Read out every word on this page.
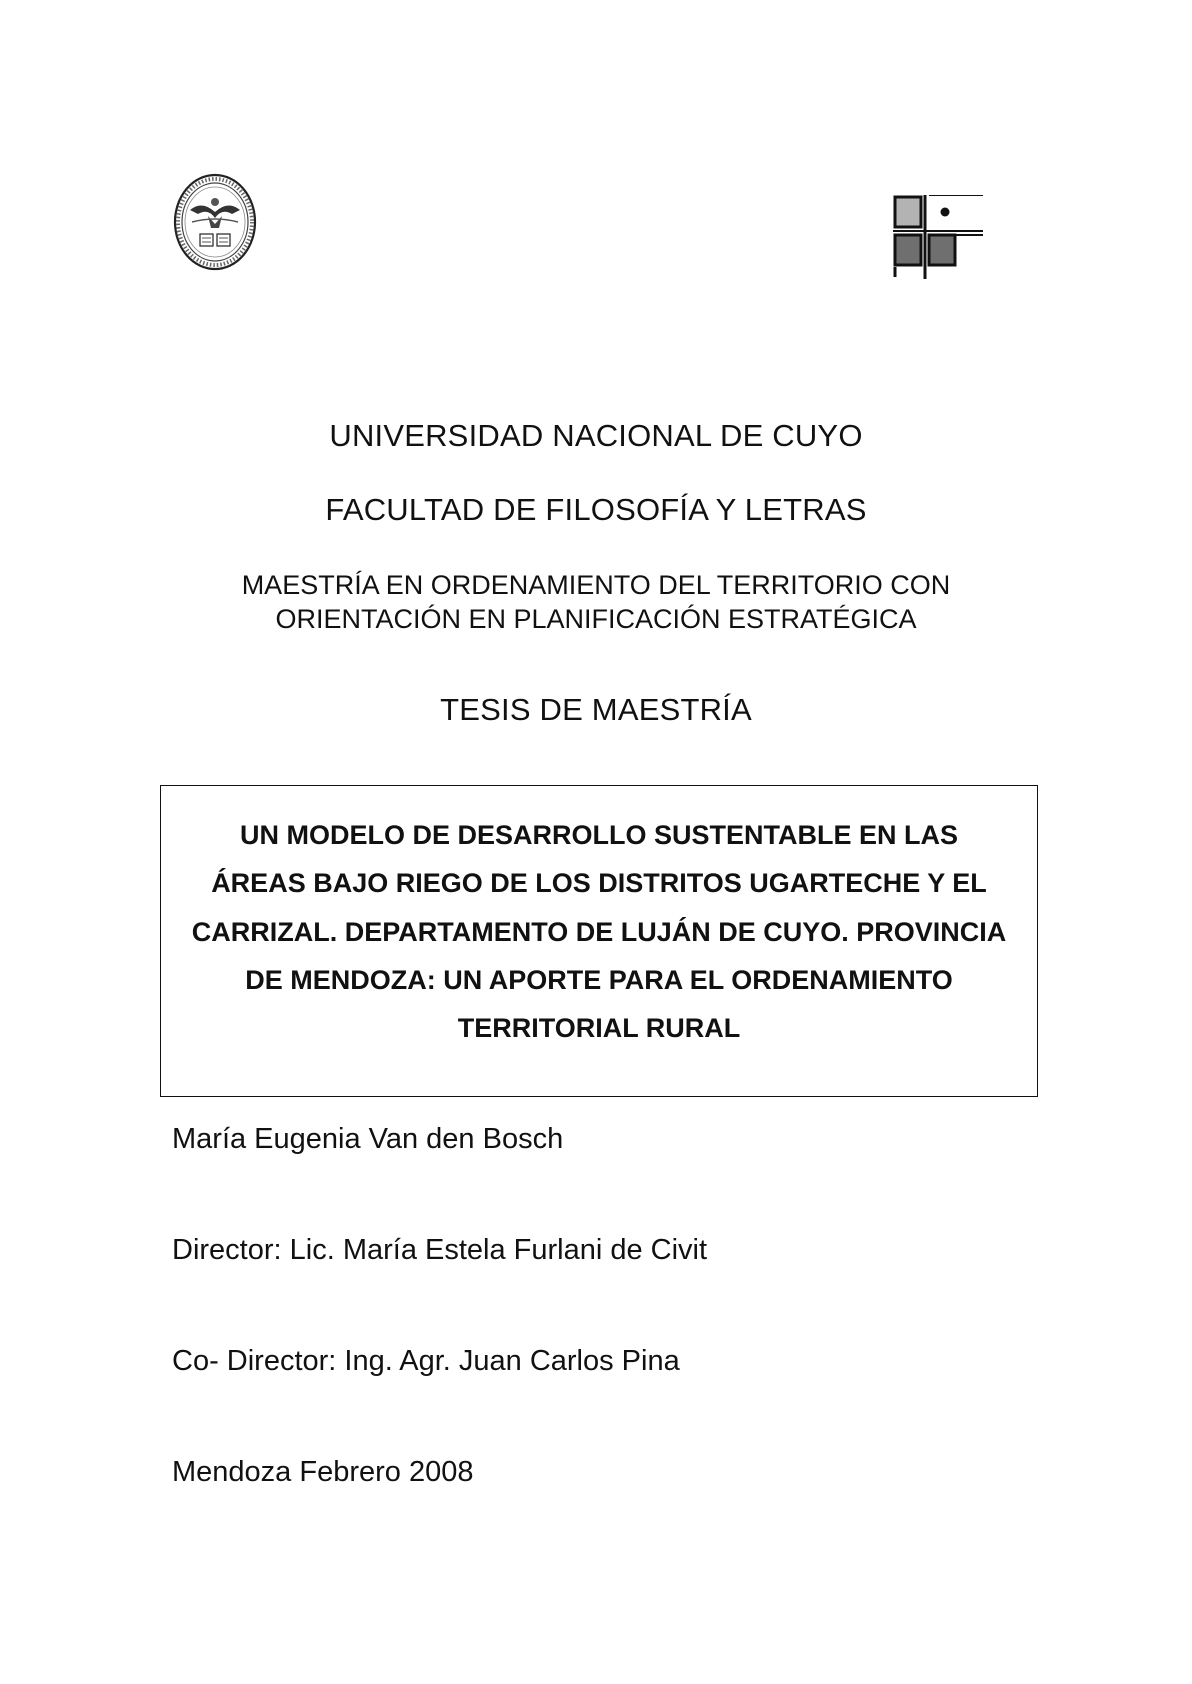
UNIVERSIDAD NACIONAL DE CUYO
FACULTAD DE FILOSOFÍA Y LETRAS
MAESTRÍA EN ORDENAMIENTO DEL TERRITORIO CON
ORIENTACIÓN EN PLANIFICACIÓN ESTRATÉGICA
TESIS DE MAESTRÍA
UN MODELO DE DESARROLLO SUSTENTABLE EN LAS
ÁREAS BAJO RIEGO DE LOS DISTRITOS UGARTECHE Y EL
CARRIZAL. DEPARTAMENTO DE LUJÁN DE CUYO. PROVINCIA
DE MENDOZA: UN APORTE PARA EL ORDENAMIENTO
TERRITORIAL RURAL
María Eugenia Van den Bosch
Director: Lic. María Estela Furlani de Civit
Co- Director: Ing. Agr. Juan Carlos Pina
Mendoza Febrero 2008
